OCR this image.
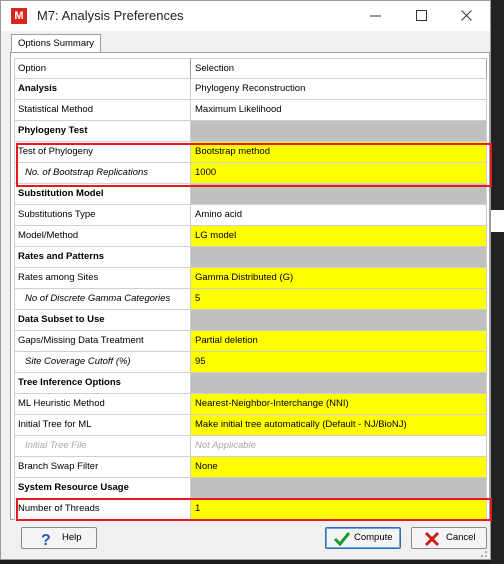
M M7: Analysis Preferences
Options Summary
Option	Selection
Analysis	Phylogeny Reconstruction
Statistical Method	Maximum Likelihood
Phylogeny Test
Test of Phylogeny	Bootstrap method
No. of Bootstrap Replications	1000
Substitution Model
Substitutions Type	Amino acid
Model/Method	LG model
Rates and Patterns
Rates among Sites	Gamma Distributed (G)
No of Discrete Gamma Categories	5
Data Subset to Use
Gaps/Missing Data Treatment	Partial deletion
Site Coverage Cutoff (%)	95
Tree Inference Options
ML Heuristic Method	Nearest-Neighbor-Interchange (NNI)
Initial Tree for ML	Make initial tree automatically (Default - NJ/BioNJ)
Initial Tree File	Not Applicable
Branch Swap Filter	None
System Resource Usage
Number of Threads	1
? Help	Compute	Cancel
